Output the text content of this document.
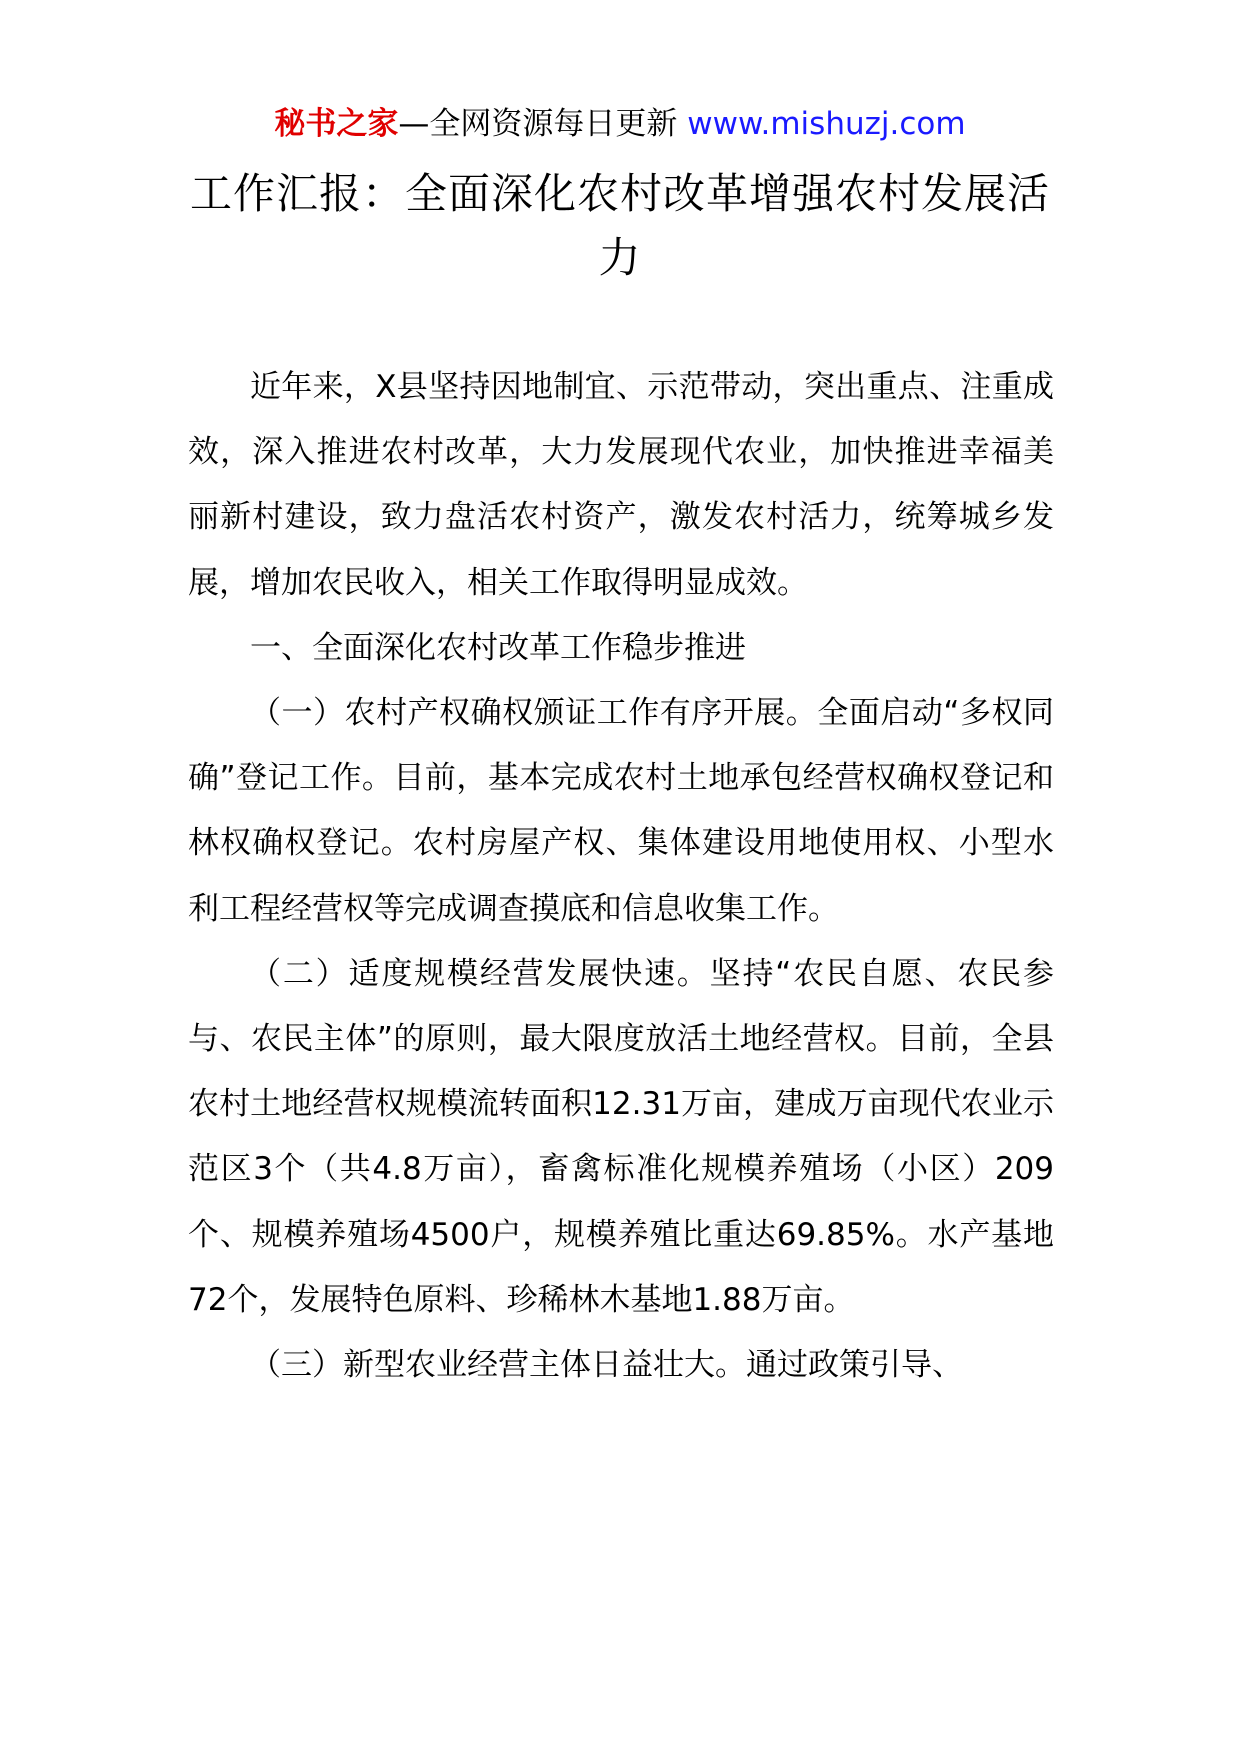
秘书之家—全网资源每日更新 www.mishuzj.com
工作汇报：全面深化农村改革增强农村发展活力

近年来，X县坚持因地制宜、示范带动，突出重点、注重成效，深入推进农村改革，大力发展现代农业，加快推进幸福美丽新村建设，致力盘活农村资产，激发农村活力，统筹城乡发展，增加农民收入，相关工作取得明显成效。

一、全面深化农村改革工作稳步推进

（一）农村产权确权颁证工作有序开展。全面启动“多权同确”登记工作。目前，基本完成农村土地承包经营权确权登记和林权确权登记。农村房屋产权、集体建设用地使用权、小型水利工程经营权等完成调查摸底和信息收集工作。

（二）适度规模经营发展快速。坚持“农民自愿、农民参与、农民主体”的原则，最大限度放活土地经营权。目前，全县农村土地经营权规模流转面积12.31万亩，建成万亩现代农业示范区3个（共4.8万亩），畜禽标准化规模养殖场（小区）209个、规模养殖场4500户，规模养殖比重达69.85%。水产基地72个，发展特色原料、珍稀林木基地1.88万亩。

（三）新型农业经营主体日益壮大。通过政策引导、
